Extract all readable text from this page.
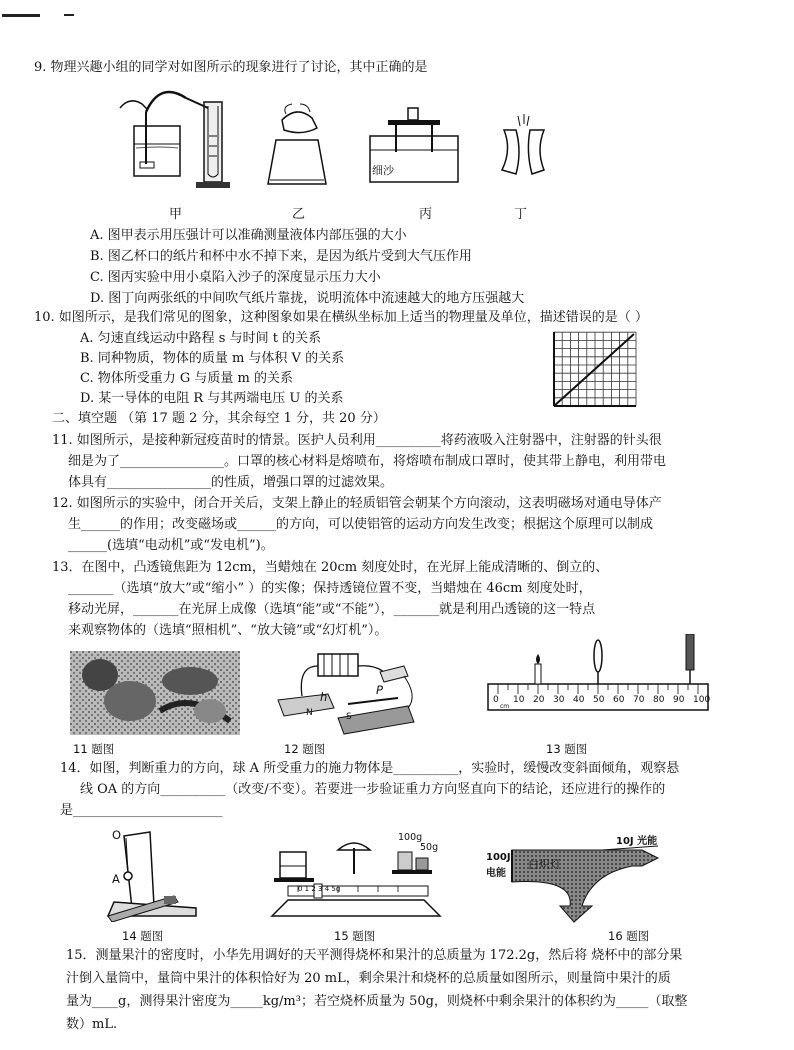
9. 物理兴趣小组的同学对如图所示的现象进行了讨论，其中正确的是
细沙
甲	乙	丙	丁
A. 图甲表示用压强计可以准确测量液体内部压强的大小
B. 图乙杯口的纸片和杯中水不掉下来，是因为纸片受到大气压作用
C. 图丙实验中用小桌陷入沙子的深度显示压力大小
D. 图丁向两张纸的中间吹气纸片靠拢，说明流体中流速越大的地方压强越大
10. 如图所示，是我们常见的图象，这种图象如果在横纵坐标加上适当的物理量及单位，描述错误的是（ ）
A. 匀速直线运动中路程 s 与时间 t 的关系
B. 同种物质，物体的质量 m 与体积 V 的关系
C. 物体所受重力 G 与质量 m 的关系
D. 某一导体的电阻 R 与其两端电压 U 的关系
二、填空题 （第 17 题 2 分，其余每空 1 分，共 20 分）
11. 如图所示，是接种新冠疫苗时的情景。医护人员利用__________将药液吸入注射器中，注射器的针头很
细是为了________________。口罩的核心材料是熔喷布，将熔喷布制成口罩时，使其带上静电，利用带电
体具有________________的性质，增强口罩的过滤效果。
12. 如图所示的实验中，闭合开关后，支架上静止的轻质铝管会朝某个方向滚动，这表明磁场对通电导体产
生______的作用；改变磁场或______的方向，可以使铝管的运动方向发生改变；根据这个原理可以制成
______(选填“电动机”或“发电机”)。
13．在图中，凸透镜焦距为 12cm，当蜡烛在 20cm 刻度处时，在光屏上能成清晰的、倒立的、
_______（选填“放大”或“缩小” ）的实像；保持透镜位置不变，当蜡烛在 46cm 刻度处时，
移动光屏，_______在光屏上成像（选填“能”或“不能”），_______就是利用凸透镜的这一特点
来观察物体的（选填“照相机”、“放大镜”或“幻灯机”）。
h	P
N	S
0 10 20 30 40 50 60 70 80 90 100
cm
11 题图	12 题图	13 题图
14．如图，判断重力的方向，球 A 所受重力的施力物体是__________，实验时，缓慢改变斜面倾角，观察悬
线 OA 的方向__________（改变/不变）。若要进一步验证重力方向竖直向下的结论，还应进行的操作的
是_______________________
O
A
100g
50g
0 1 2 3 4 5g
10J 光能
100J
电能
白炽灯
14 题图	15 题图	16 题图
15．测量果汁的密度时，小华先用调好的天平测得烧杯和果汁的总质量为 172.2g，然后将 烧杯中的部分果
汁倒入量筒中，量筒中果汁的体积恰好为 20 mL，剩余果汁和烧杯的总质量如图所示，则量筒中果汁的质
量为____g，测得果汁密度为_____kg/m³；若空烧杯质量为 50g，则烧杯中剩余果汁的体积约为_____（取整
数）mL.
